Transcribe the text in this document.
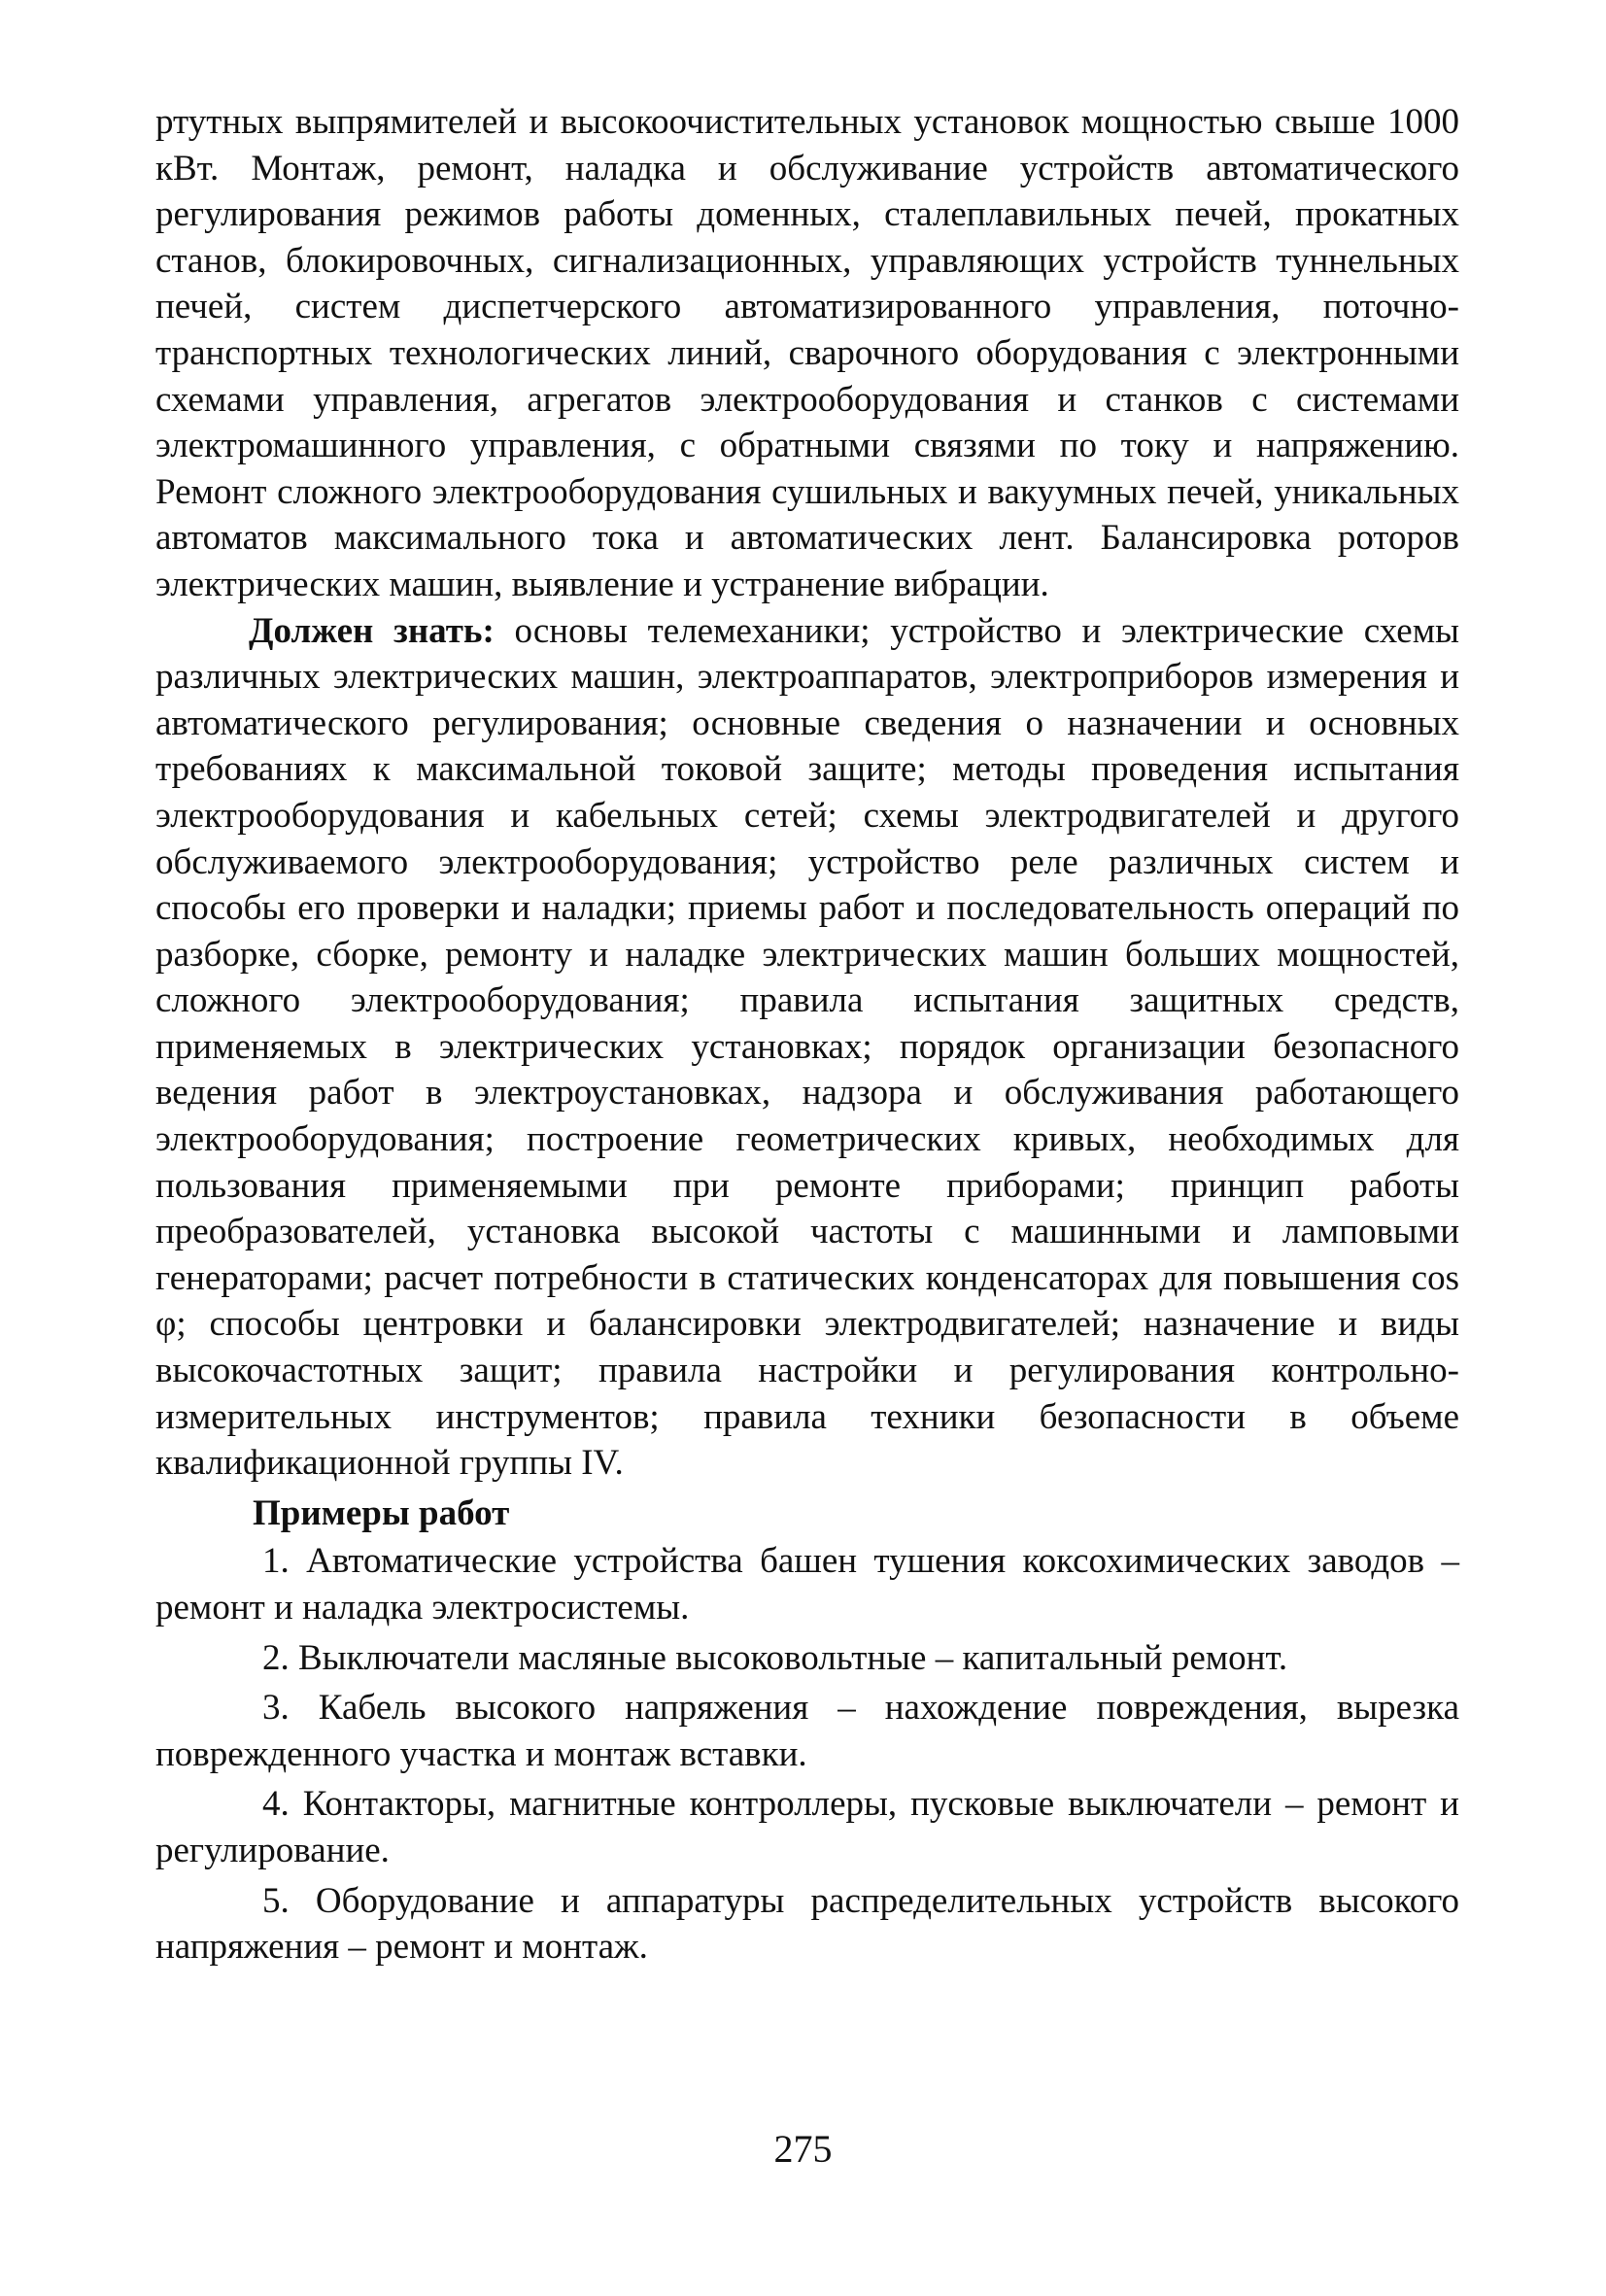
ртутных выпрямителей и высокоочистительных установок мощностью свыше 1000 кВт. Монтаж, ремонт, наладка и обслуживание устройств автоматического регулирования режимов работы доменных, сталеплавильных печей, прокатных станов, блокировочных, сигнализационных, управляющих устройств туннельных печей, систем диспетчерского автоматизированного управления, поточно-транспортных технологических линий, сварочного оборудования с электронными схемами управления, агрегатов электрооборудования и станков с системами электромашинного управления, с обратными связями по току и напряжению. Ремонт сложного электрооборудования сушильных и вакуумных печей, уникальных автоматов максимального тока и автоматических лент. Балансировка роторов электрических машин, выявление и устранение вибрации.

Должен знать: основы телемеханики; устройство и электрические схемы различных электрических машин, электроаппаратов, электроприборов измерения и автоматического регулирования; основные сведения о назначении и основных требованиях к максимальной токовой защите; методы проведения испытания электрооборудования и кабельных сетей; схемы электродвигателей и другого обслуживаемого электрооборудования; устройство реле различных систем и способы его проверки и наладки; приемы работ и последовательность операций по разборке, сборке, ремонту и наладке электрических машин больших мощностей, сложного электрооборудования; правила испытания защитных средств, применяемых в электрических установках; порядок организации безопасного ведения работ в электроустановках, надзора и обслуживания работающего электрооборудования; построение геометрических кривых, необходимых для пользования применяемыми при ремонте приборами; принцип работы преобразователей, установка высокой частоты с машинными и ламповыми генераторами; расчет потребности в статических конденсаторах для повышения cos φ; способы центровки и балансировки электродвигателей; назначение и виды высокочастотных защит; правила настройки и регулирования контрольно-измерительных инструментов; правила техники безопасности в объеме квалификационной группы IV.

Примеры работ

1. Автоматические устройства башен тушения коксохимических заводов – ремонт и наладка электросистемы.

2. Выключатели масляные высоковольтные – капитальный ремонт.

3. Кабель высокого напряжения – нахождение повреждения, вырезка поврежденного участка и монтаж вставки.

4. Контакторы, магнитные контроллеры, пусковые выключатели – ремонт и регулирование.

5. Оборудование и аппаратуры распределительных устройств высокого напряжения – ремонт и монтаж.

275
